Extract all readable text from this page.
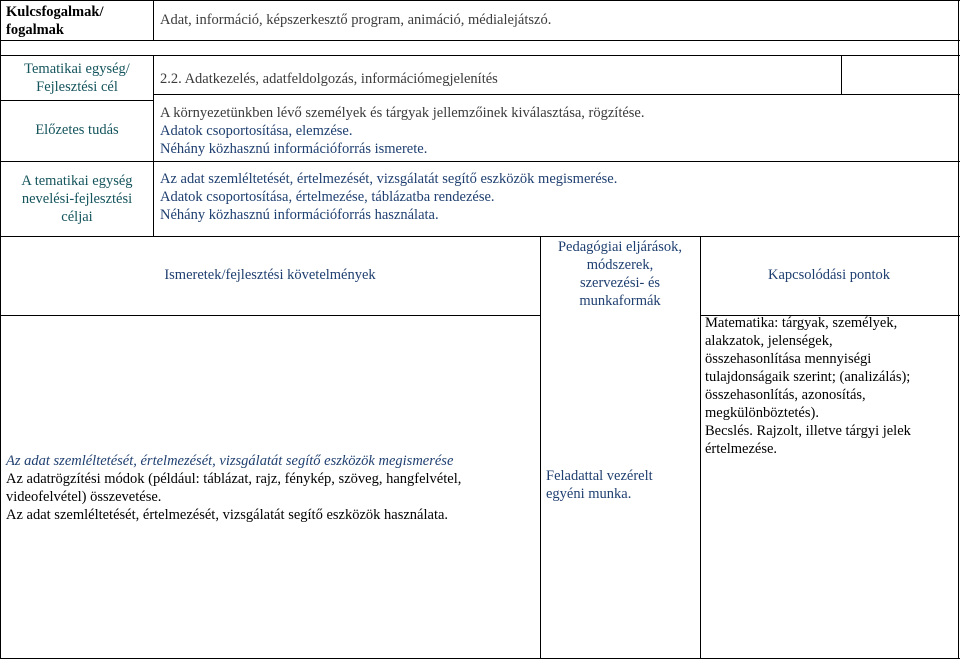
Kulcsfogalmak/
fogalmak
Adat, információ, képszerkesztő program, animáció, médialejátszó.
Tematikai egység/
Fejlesztési cél	2.2. Adatkezelés, adatfeldolgozás, információmegjelenítés
Előzetes tudás
A környezetünkben lévő személyek és tárgyak jellemzőinek kiválasztása, rögzítése.
Adatok csoportosítása, elemzése.
Néhány közhasznú információforrás ismerete.
A tematikai egység
nevelési-fejlesztési
céljai
Az adat szemléltetését, értelmezését, vizsgálatát segítő eszközök megismerése.
Adatok csoportosítása, értelmezése, táblázatba rendezése.
Néhány közhasznú információforrás használata.
Ismeretek/fejlesztési követelmények
Pedagógiai eljárások,
módszerek,
szervezési- és
munkaformák
Kapcsolódási pontok
Az adat szemléltetését, értelmezését, vizsgálatát segítő eszközök megismerése
Az adatrögzítési módok (például: táblázat, rajz, fénykép, szöveg, hangfelvétel,
videofelvétel) összevetése.
Az adat szemléltetését, értelmezését, vizsgálatát segítő eszközök használata.
Feladattal vezérelt
egyéni munka.
Matematika: tárgyak, személyek,
alakzatok, jelenségek,
összehasonlítása mennyiségi
tulajdonságaik szerint; (analizálás);
összehasonlítás, azonosítás,
megkülönböztetés).
Becslés. Rajzolt, illetve tárgyi jelek
értelmezése.
